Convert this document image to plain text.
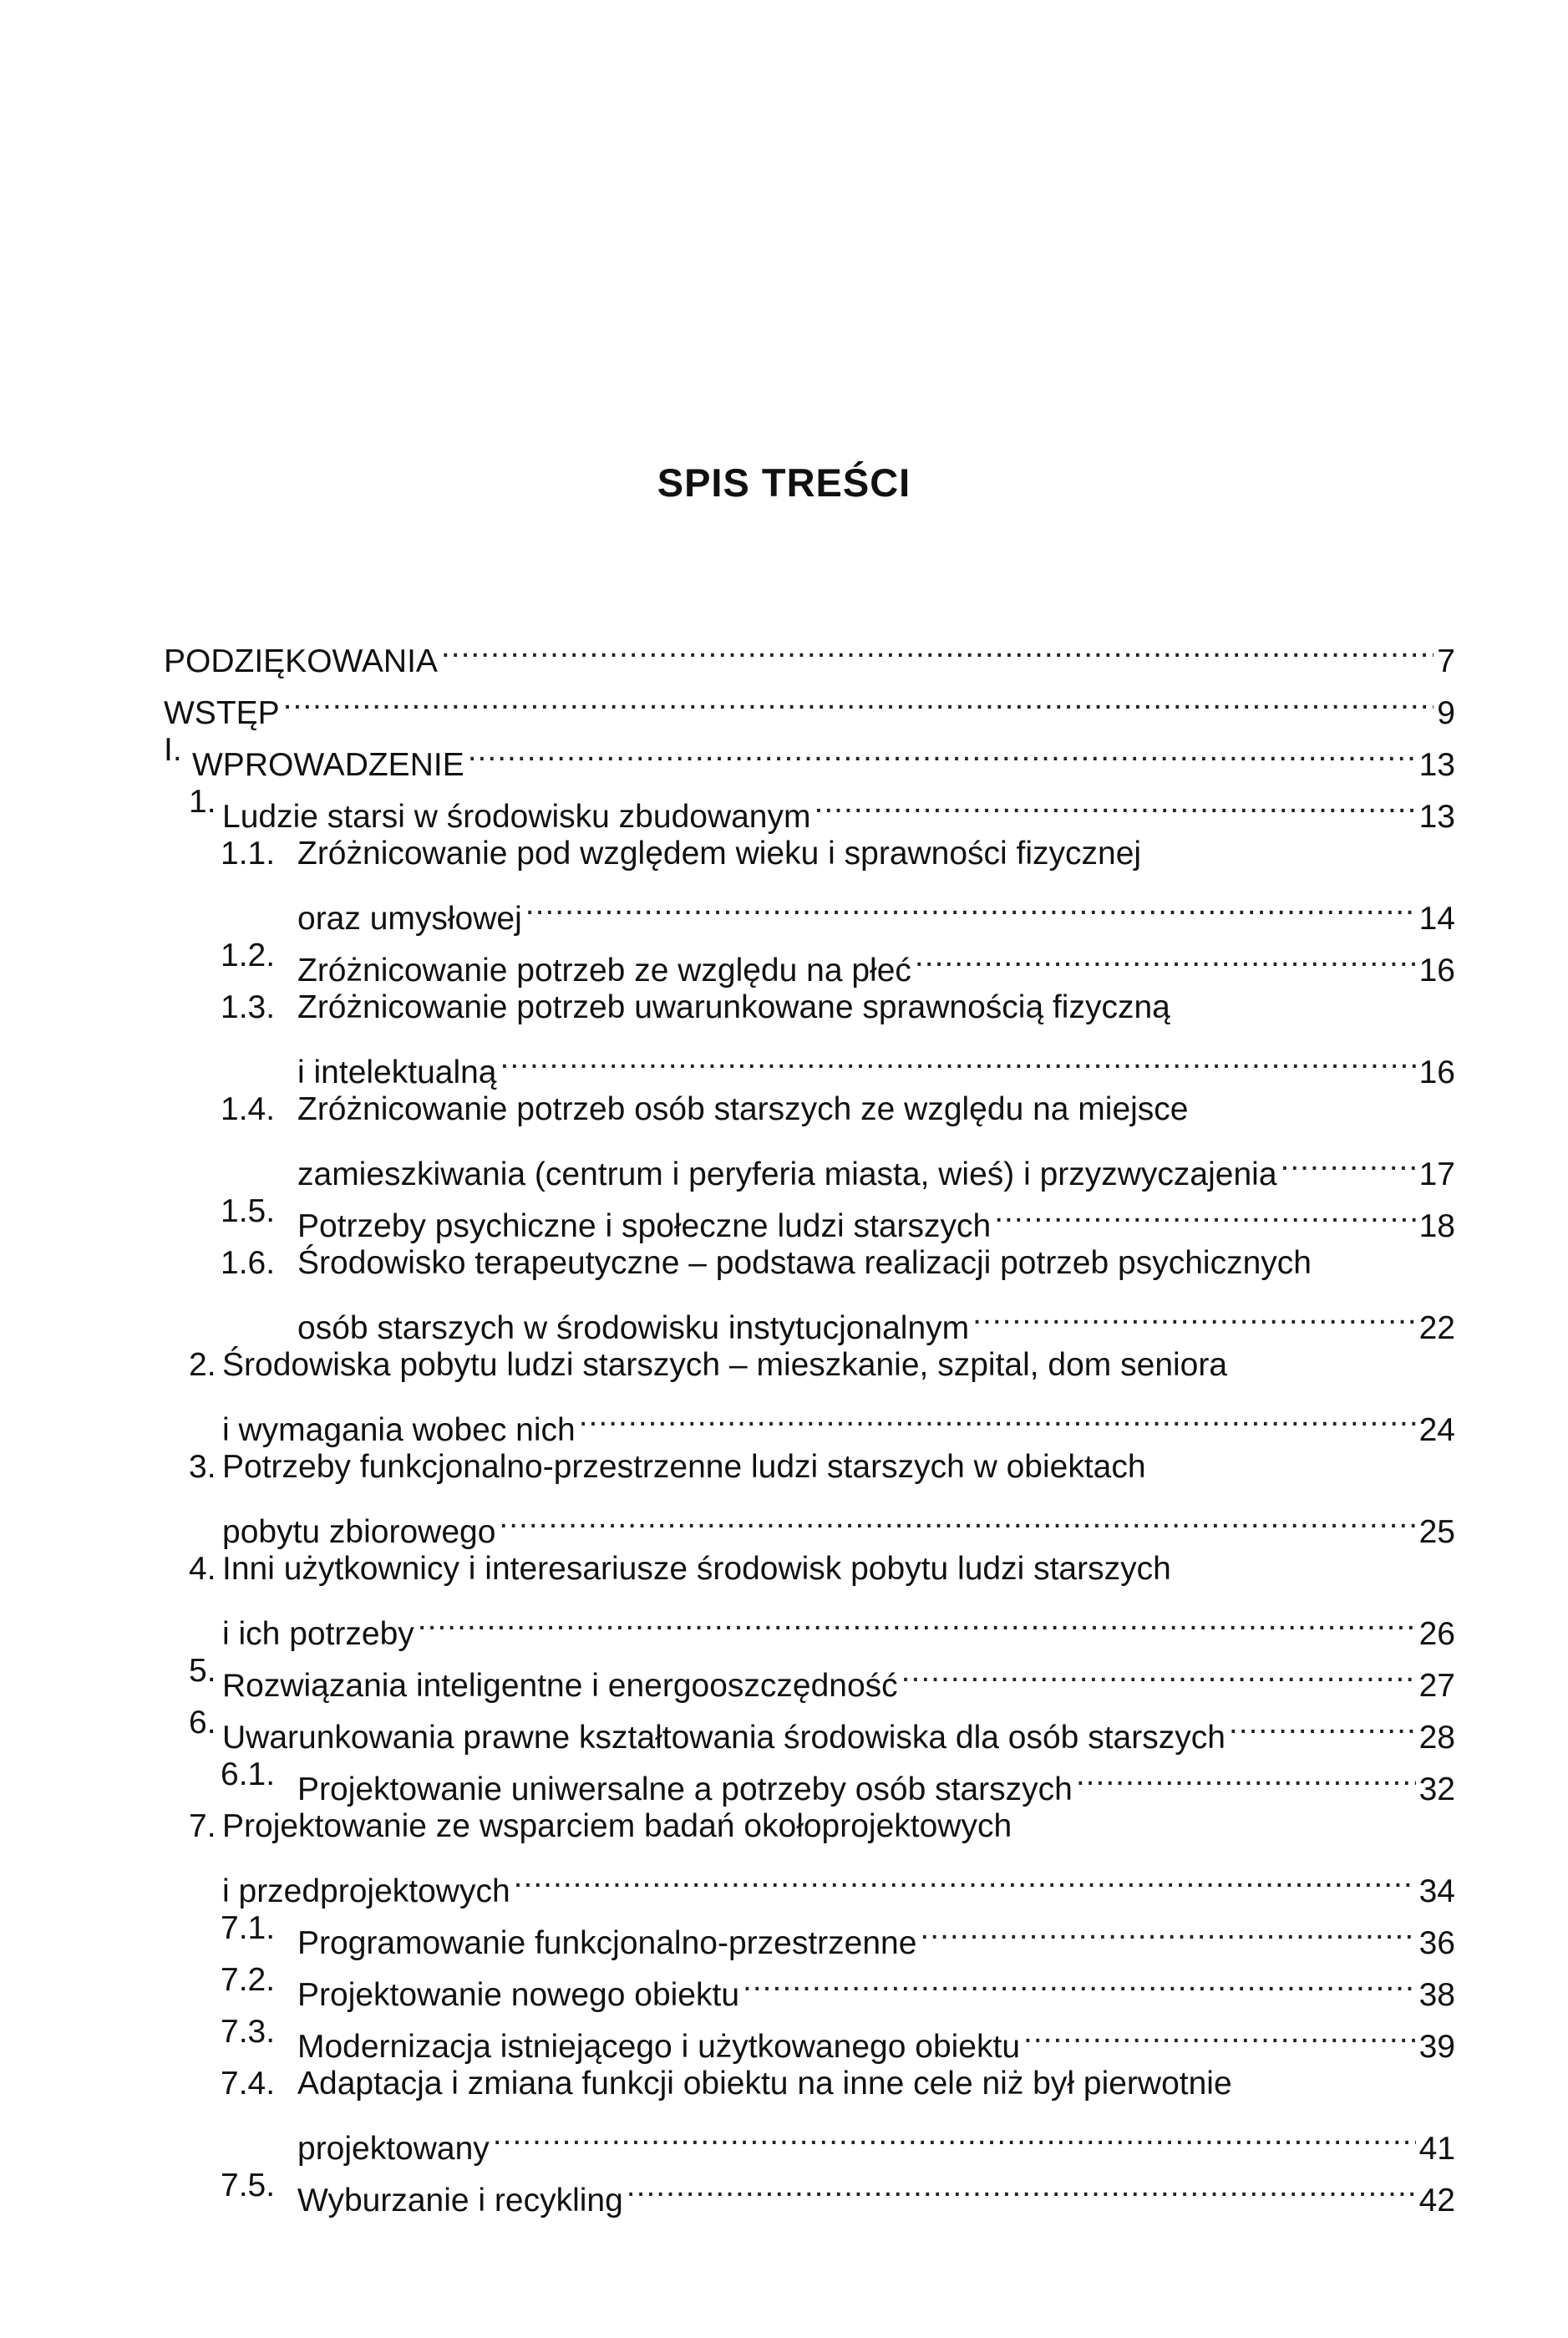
SPIS TREŚCI
PODZIĘKOWANIA .....	7
WSTĘP .....	9
I. WPROWADZENIE .....	13
1. Ludzie starsi w środowisku zbudowanym .....	13
1.1. Zróżnicowanie pod względem wieku i sprawności fizycznej
oraz umysłowej .....	14
1.2. Zróżnicowanie potrzeb ze względu na płeć .....	16
1.3. Zróżnicowanie potrzeb uwarunkowane sprawnością fizyczną
i intelektualną .....	16
1.4. Zróżnicowanie potrzeb osób starszych ze względu na miejsce
zamieszkiwania (centrum i peryferia miasta, wieś) i przyzwyczajenia .....	17
1.5. Potrzeby psychiczne i społeczne ludzi starszych .....	18
1.6. Środowisko terapeutyczne – podstawa realizacji potrzeb psychicznych
osób starszych w środowisku instytucjonalnym .....	22
2. Środowiska pobytu ludzi starszych – mieszkanie, szpital, dom seniora
i wymagania wobec nich .....	24
3. Potrzeby funkcjonalno-przestrzenne ludzi starszych w obiektach
pobytu zbiorowego .....	25
4. Inni użytkownicy i interesariusze środowisk pobytu ludzi starszych
i ich potrzeby .....	26
5. Rozwiązania inteligentne i energooszczędność .....	27
6. Uwarunkowania prawne kształtowania środowiska dla osób starszych .....	28
6.1. Projektowanie uniwersalne a potrzeby osób starszych .....	32
7. Projektowanie ze wsparciem badań okołoprojektowych
i przedprojektowych .....	34
7.1. Programowanie funkcjonalno-przestrzenne .....	36
7.2. Projektowanie nowego obiektu .....	38
7.3. Modernizacja istniejącego i użytkowanego obiektu .....	39
7.4. Adaptacja i zmiana funkcji obiektu na inne cele niż był pierwotnie
projektowany .....	41
7.5. Wyburzanie i recykling .....	42
